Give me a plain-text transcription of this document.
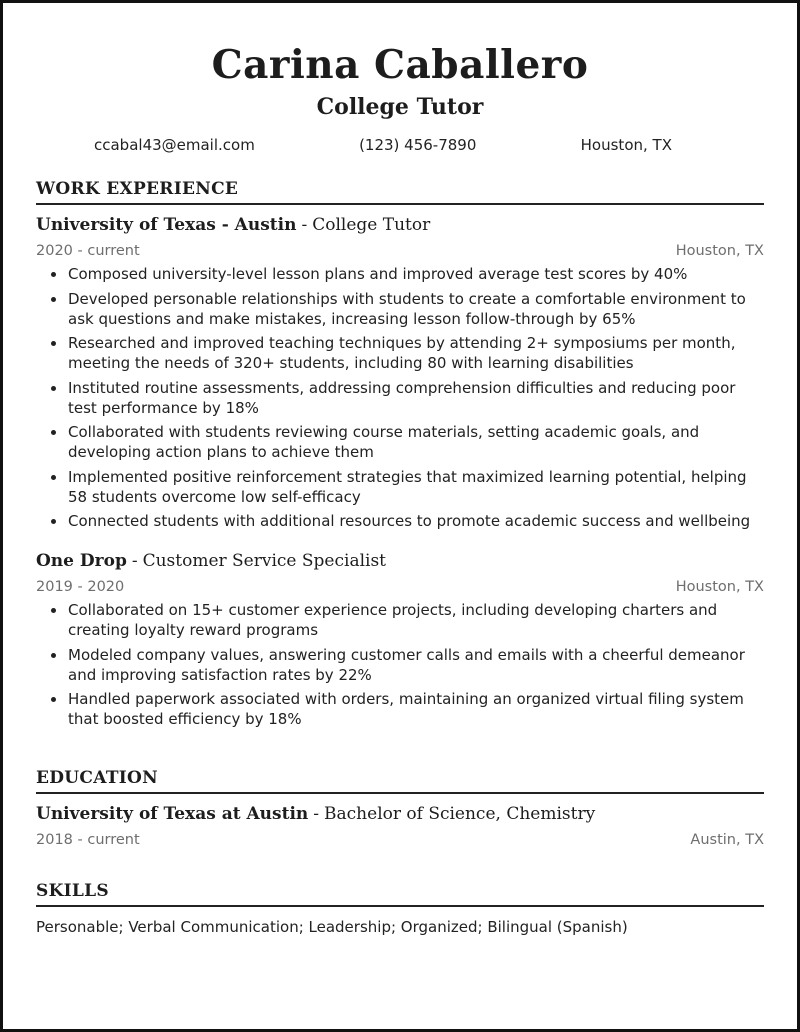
Carina Caballero
College Tutor
ccabal43@email.com	(123) 456-7890	Houston, TX
WORK EXPERIENCE
University of Texas - Austin - College Tutor
2020 - current	Houston, TX
• Composed university-level lesson plans and improved average test scores by 40%
• Developed personable relationships with students to create a comfortable environment to ask questions and make mistakes, increasing lesson follow-through by 65%
• Researched and improved teaching techniques by attending 2+ symposiums per month, meeting the needs of 320+ students, including 80 with learning disabilities
• Instituted routine assessments, addressing comprehension difficulties and reducing poor test performance by 18%
• Collaborated with students reviewing course materials, setting academic goals, and developing action plans to achieve them
• Implemented positive reinforcement strategies that maximized learning potential, helping 58 students overcome low self-efficacy
• Connected students with additional resources to promote academic success and wellbeing
One Drop - Customer Service Specialist
2019 - 2020	Houston, TX
• Collaborated on 15+ customer experience projects, including developing charters and creating loyalty reward programs
• Modeled company values, answering customer calls and emails with a cheerful demeanor and improving satisfaction rates by 22%
• Handled paperwork associated with orders, maintaining an organized virtual filing system that boosted efficiency by 18%
EDUCATION
University of Texas at Austin - Bachelor of Science, Chemistry
2018 - current	Austin, TX
SKILLS
Personable; Verbal Communication; Leadership; Organized; Bilingual (Spanish)
